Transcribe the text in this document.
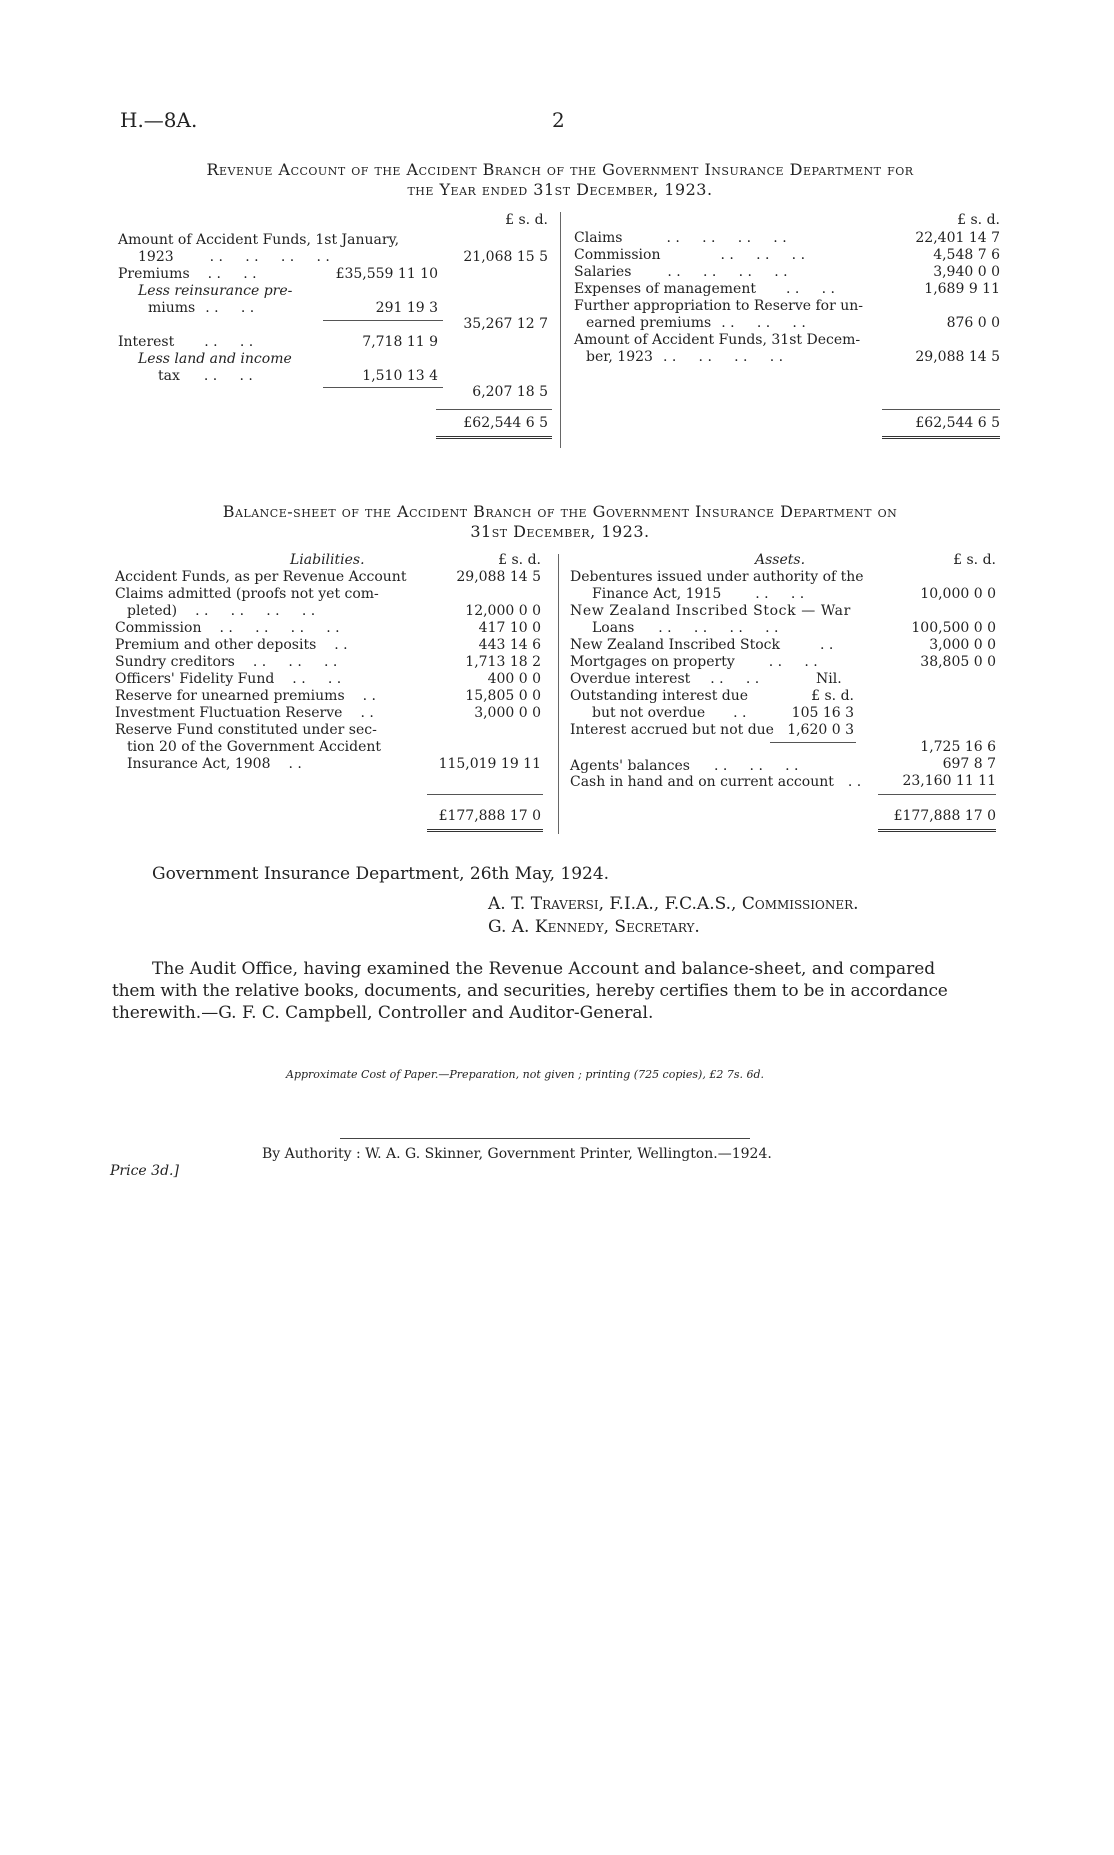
H.—8A.	2
Revenue Account of the Accident Branch of the Government Insurance Department for
the Year ended 31st December, 1923.
£ s. d.
Amount of Accident Funds, 1st January,
1923	. .     . .     . .     . .	21,068 15 5
Premiums . .     . .	£35,559 11 10
Less reinsurance pre-
miums . .     . .	291 19 3
35,267 12 7
Interest . .     . .	7,718 11 9
Less land and income
tax . .     . .	1,510 13 4
6,207 18 5
£62,544 6 5
£ s. d.
Claims	. .     . .     . .     . .	22,401 14 7
Commission	. .     . .     . .	4,548 7 6
Salaries	. .     . .     . .     . .	3,940 0 0
Expenses of management . .     . .	1,689 9 11
Further appropriation to Reserve for un-
earned premiums . .     . .     . .	876 0 0
Amount of Accident Funds, 31st Decem-
ber, 1923 . .     . .     . .     . .	29,088 14 5
£62,544 6 5
Balance-sheet of the Accident Branch of the Government Insurance Department on
31st December, 1923.
Liabilities.	£ s. d.
Accident Funds, as per Revenue Account	29,088 14 5
Claims admitted (proofs not yet com-
pleted) . .     . .     . .     . .	12,000 0 0
Commission . .     . .     . .     . .	417 10 0
Premium and other deposits . .	443 14 6
Sundry creditors . .     . .     . .	1,713 18 2
Officers' Fidelity Fund . .     . .	400 0 0
Reserve for unearned premiums . .	15,805 0 0
Investment Fluctuation Reserve . .	3,000 0 0
Reserve Fund constituted under sec-
tion 20 of the Government Accident
Insurance Act, 1908 . .	115,019 19 11
£177,888 17 0
Assets.	£ s. d.
Debentures issued under authority of the
Finance Act, 1915 . .     . .	10,000 0 0
New Zealand Inscribed Stock — War
Loans . .     . .     . .     . .	100,500 0 0
New Zealand Inscribed Stock	. .	3,000 0 0
Mortgages on property . .     . .	38,805 0 0
Overdue interest . .     . .	Nil.
Outstanding interest due	£ s. d.
but not overdue . .	105 16 3
Interest accrued but not due 1,620 0 3
1,725 16 6
Agents' balances . .     . .     . .	697 8 7
Cash in hand and on current account . .	23,160 11 11
£177,888 17 0
Government Insurance Department, 26th May, 1924.
A. T. Traversi, F.I.A., F.C.A.S., Commissioner.
G. A. Kennedy, Secretary.
The Audit Office, having examined the Revenue Account and balance-sheet, and compared
them with the relative books, documents, and securities, hereby certifies them to be in accordance
therewith.—G. F. C. Campbell, Controller and Auditor-General.
Approximate Cost of Paper.—Preparation, not given ; printing (725 copies), £2 7s. 6d.
By Authority : W. A. G. Skinner, Government Printer, Wellington.—1924.
Price 3d.]
